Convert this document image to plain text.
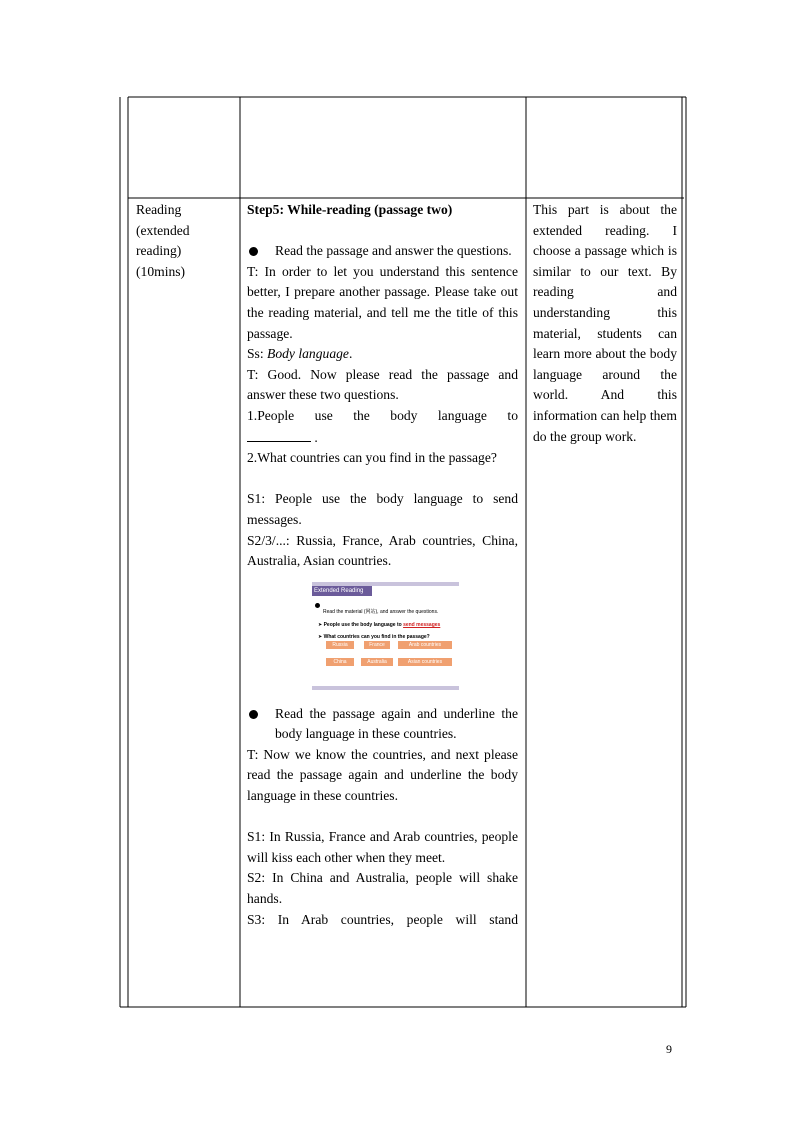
Reading

(extended

reading)

(10mins)

Step5: While-reading (passage two)

Read the passage and answer the questions.

T: In order to let you understand this sentence better, I prepare another passage. Please take out the reading material, and tell me the title of this passage.

Ss: Body language.

T: Good. Now please read the passage and answer these two questions.

1.People use the body language to

.

2.What countries can you find in the passage?

S1: People use the body language to send messages.

S2/3/...: Russia, France, Arab countries, China, Australia, Asian countries.

Extended Reading
Read the material (网站), and answer the questions.
➤ People use the body language to send messages
➤ What countries can you find in the passage?
Russia	France	Arab countries
China	Australia	Asian countries
Read the passage again and underline the body language in these countries.

T: Now we know the countries, and next please read the passage again and underline the body language in these countries.

S1: In Russia, France and Arab countries, people will kiss each other when they meet.

S2: In China and Australia, people will shake hands.

S3: In Arab countries, people will stand

This part is about the extended reading. I choose a passage which is similar to our text. By reading and understanding this material, students can learn more about the body language around the world. And this information can help them do the group work.

9
